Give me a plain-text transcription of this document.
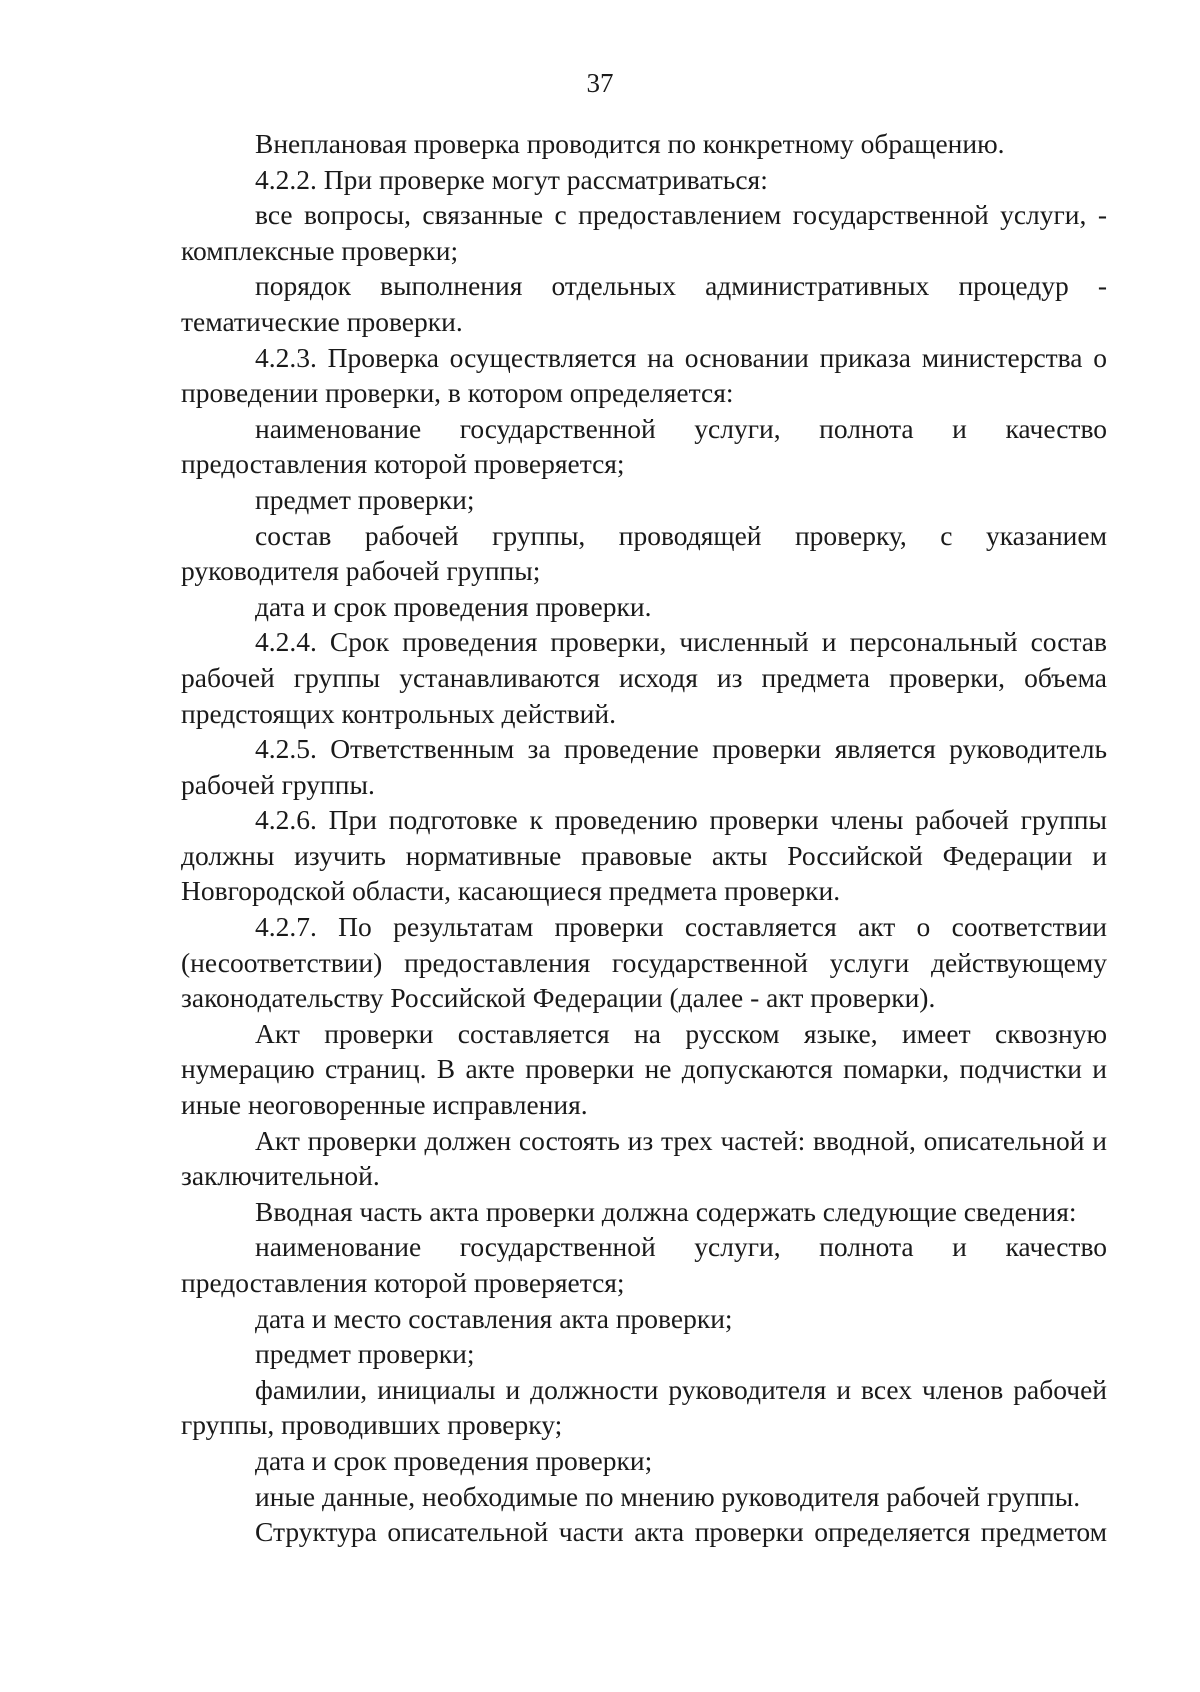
37

Внеплановая проверка проводится по конкретному обращению.

4.2.2. При проверке могут рассматриваться:

все вопросы, связанные с предоставлением государственной услуги, - комплексные проверки;

порядок выполнения отдельных административных процедур - тематические проверки.

4.2.3. Проверка осуществляется на основании приказа министерства о проведении проверки, в котором определяется:

наименование государственной услуги, полнота и качество предоставления которой проверяется;

предмет проверки;

состав рабочей группы, проводящей проверку, с указанием руководителя рабочей группы;

дата и срок проведения проверки.

4.2.4. Срок проведения проверки, численный и персональный состав рабочей группы устанавливаются исходя из предмета проверки, объема предстоящих контрольных действий.

4.2.5. Ответственным за проведение проверки является руководитель рабочей группы.

4.2.6. При подготовке к проведению проверки члены рабочей группы должны изучить нормативные правовые акты Российской Федерации и Новгородской области, касающиеся предмета проверки.

4.2.7. По результатам проверки составляется акт о соответствии (несоответствии) предоставления государственной услуги действующему законодательству Российской Федерации (далее - акт проверки).

Акт проверки составляется на русском языке, имеет сквозную нумерацию страниц. В акте проверки не допускаются помарки, подчистки и иные неоговоренные исправления.

Акт проверки должен состоять из трех частей: вводной, описательной и заключительной.

Вводная часть акта проверки должна содержать следующие сведения:

наименование государственной услуги, полнота и качество предоставления которой проверяется;

дата и место составления акта проверки;

предмет проверки;

фамилии, инициалы и должности руководителя и всех членов рабочей группы, проводивших проверку;

дата и срок проведения проверки;

иные данные, необходимые по мнению руководителя рабочей группы.

Структура описательной части акта проверки определяется предметом
